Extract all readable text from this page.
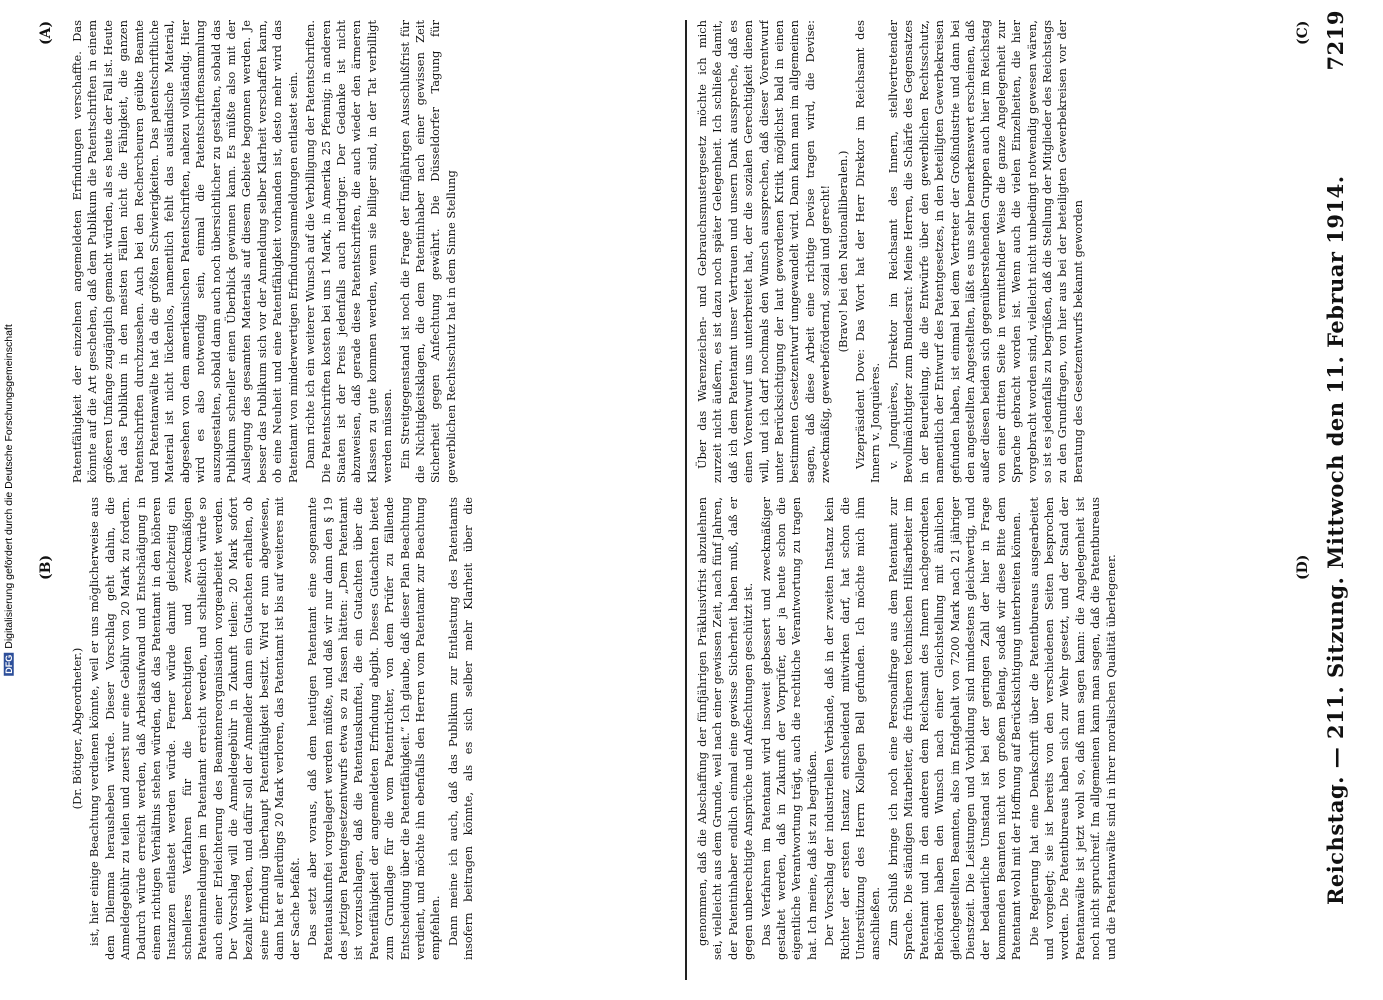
DFGDigitalisierung gefördert durch die Deutsche Forschungsgemeinschaft	Reichstag. — 211. Sitzung. Mittwoch den 11. Februar 1914.
7219

(Dr. Böttger, Abgeordneter.) ist, hier einige Beachtung verdienen könnte, weil er uns möglicherweise aus dem Dilemma herausheben würde. Dieser Vorschlag geht dahin, die Anmeldegebühr zu teilen und zuerst nur eine Gebühr von 20 Mark zu fordern. Dadurch würde erreicht werden, daß Arbeitsaufwand und Entschädigung in einem richtigen Verhältnis stehen würden, daß das Patentamt in den höheren Instanzen entlastet werden würde. Ferner würde damit gleichzeitig ein schnelleres Verfahren für die berechtigten und zweckmäßigen Patentanmeldungen im Patentamt erreicht werden, und schließlich würde so auch einer Erleichterung des Beamtenreorganisation vorgearbeitet werden. Der Vorschlag will die Anmeldegebühr in Zukunft teilen: 20 Mark sofort bezahlt werden, und dafür soll der Anmelder dann ein Gutachten erhalten, ob seine Erfindung überhaupt Patentfähigkeit besitzt. Wird er nun abgewiesen, dann hat er allerdings 20 Mark verloren, das Patentamt ist bis auf weiteres mit der Sache befaßt. Das setzt aber voraus, daß dem heutigen Patentamt eine sogenannte Patentauskunftei vorgelagert werden müßte, und daß wir nur dann den § 19 des jetzigen Patentgesetzentwurfs etwa so zu fassen hätten: „Dem Patentamt ist vorzuschlagen, daß die Patentauskunftei, die ein Gutachten über die Patentfähigkeit der angemeldeten Erfindung abgibt. Dieses Gutachten bietet zum Grundlage für die vom Patentrichter, von dem Prüfer zu fällende Entscheidung über die Patentfähigkeit.“ Ich glaube, daß dieser Plan Beachtung verdient, und möchte ihn ebenfalls den Herren vom Patentamt zur Beachtung empfehlen. Dann meine ich auch, daß das Publikum zur Entlastung des Patentamts insofern beitragen könnte, als es sich selber mehr Klarheit über die Patentfähigkeit der einzelnen angemeldeten Erfindungen verschaffte. Das könnte auf die Art geschehen, daß dem Publikum die Patentschriften in einem größeren Umfange zugänglich gemacht würden, als es heute der Fall ist. Heute hat das Publikum in den meisten Fällen nicht die Fähigkeit, die ganzen Patentschriften durchzusehen. Auch bei den Rechercheuren geübte Beamte und Patentanwälte hat da die größten Schwierigkeiten. Das patentschriftliche Material ist nicht lückenlos, namentlich fehlt das ausländische Material, abgesehen von dem amerikanischen Patentschriften, nahezu vollständig. Hier wird es also notwendig sein, einmal die Patentschriftensammlung auszugestalten, sobald dann auch noch übersichtlicher zu gestalten, sobald das Publikum schneller einen Überblick gewinnen kann. Es müßte also mit der Auslegung des gesamten Materials auf diesem Gebiete begonnen werden. Je besser das Publikum sich vor der Anmeldung selber Klarheit verschaffen kann, ob eine Neuheit und eine Patentfähigkeit vorhanden ist, desto mehr wird das Patentamt von minderwertigen Erfindungsanmeldungen entlastet sein. Dann richte ich ein weiterer Wunsch auf die Verbilligung der Patentschriften. Die Patentschriften kosten bei uns 1 Mark, in Amerika 25 Pfennig; in anderen Staaten ist der Preis jedenfalls auch niedriger. Der Gedanke ist nicht abzuweisen, daß gerade diese Patentschriften, die auch wieder den ärmeren Klassen zu gute kommen werden, wenn sie billiger sind, in der Tat verbilligt werden müssen. Ein Streitgegenstand ist noch die Frage der fünfjährigen Ausschlußfrist für die Nichtigkeitsklagen, die dem Patentinhaber nach einer gewissen Zeit Sicherheit gegen Anfechtung gewährt. Die Düsseldorfer Tagung für gewerblichen Rechtsschutz hat in dem Sinne Stellung

genommen, daß die Abschaffung der fünfjährigen Präklusivfrist abzulehnen sei, vielleicht aus dem Grunde, weil nach einer gewissen Zeit, nach fünf Jahren, der Patentinhaber endlich einmal eine gewisse Sicherheit haben muß, daß er gegen unberechtigte Ansprüche und Anfechtungen geschützt ist. Das Verfahren im Patentamt wird insoweit gebessert und zweckmäßiger gestaltet werden, daß in Zukunft der Vorprüfer, der ja heute schon die eigentliche Verantwortung trägt, auch die rechtliche Verantwortung zu tragen hat. Ich meine, daß ist zu begrüßen. Der Vorschlag der industriellen Verbände, daß in der zweiten Instanz kein Richter der ersten Instanz entscheidend mitwirken darf, hat schon die Unterstützung des Herrn Kollegen Bell gefunden. Ich möchte mich ihm anschließen. Zum Schluß bringe ich noch eine Personalfrage aus dem Patentamt zur Sprache. Die ständigen Mitarbeiter, die früheren technischen Hilfsarbeiter im Patentamt und in den anderen dem Reichsamt des Innern nachgeordneten Behörden haben den Wunsch nach einer Gleichstellung mit ähnlichen gleichgestellten Beamten, also im Endgehalt von 7200 Mark nach 21 jähriger Dienstzeit. Die Leistungen und Vorbildung sind mindestens gleichwertig, und der bedauerliche Umstand ist bei der geringen Zahl der hier in Frage kommenden Beamten nicht von großem Belang, sodaß wir diese Bitte dem Patentamt wohl mit der Hoffnung auf Berücksichtigung unterbreiten können. Die Regierung hat eine Denkschrift über die Patentbureaus ausgearbeitet und vorgelegt; sie ist bereits von den verschiedenen Seiten besprochen worden. Die Patentbureaus haben sich zur Wehr gesetzt, und der Stand der Patentanwälte ist jetzt wohl so, daß man sagen kann: die Angelegenheit ist noch nicht spruchreif. Im allgemeinen kann man sagen, daß die Patentbureaus und die Patentanwälte sind in ihrer moralischen Qualität überlegener.

Über das Warenzeichen- und Gebrauchsmustergesetz möchte ich mich zurzeit nicht äußern, es ist dazu noch später Gelegenheit. Ich schließe damit, daß ich dem Patentamt unser Vertrauen und unsern Dank ausspreche, daß es einen Vorentwurf uns unterbreitet hat, der die sozialen Gerechtigkeit dienen will, und ich darf nochmals den Wunsch aussprechen, daß dieser Vorentwurf unter Berücksichtigung der laut gewordenen Kritik möglichst bald in einen bestimmten Gesetzentwurf umgewandelt wird. Dann kann man im allgemeinen sagen, daß diese Arbeit eine richtige Devise tragen wird, die Devise: zweckmäßig, gewerbefördernd, sozial und gerecht! (Bravo! bei den Nationalliberalen.) Vizepräsident Dove: Das Wort hat der Herr Direktor im Reichsamt des Innern v. Jonquières. v. Jonquières, Direktor im Reichsamt des Innern, stellvertretender Bevollmächtigter zum Bundesrat: Meine Herren, die Schärfe des Gegensatzes in der Beurteilung, die die Entwürfe über den gewerblichen Rechtsschutz, namentlich der Entwurf des Patentgesetzes, in den beteiligten Gewerbekreisen gefunden haben, ist einmal bei dem Vertreter der Großindustrie und dann bei den angestellten Angestellten, läßt es uns sehr bemerkenswert erscheinen, daß außer diesen beiden sich gegenüberstehenden Gruppen auch hier im Reichstag von einer dritten Seite in vermittelnder Weise die ganze Angelegenheit zur Sprache gebracht worden ist. Wenn auch die vielen Einzelheiten, die hier vorgebracht worden sind, vielleicht nicht unbedingt notwendig gewesen wären, so ist es jedenfalls zu begrüßen, daß die Stellung der Mitglieder des Reichstags zu den Grundfragen, von hier aus bei der beteiligten Gewerbekreisen vor der Beratung des Gesetzentwurfs bekannt geworden

(A)
(B)
(C)
(D)
